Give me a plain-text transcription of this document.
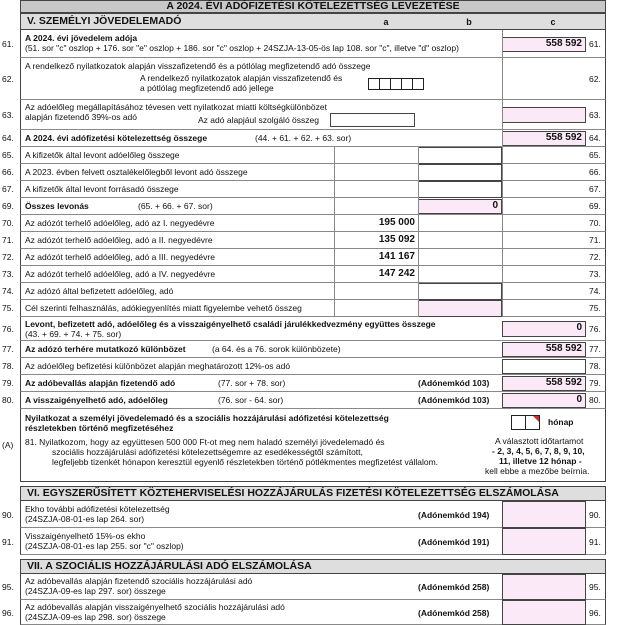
A 2024. ÉVI ADÓFIZETÉSI KÖTELEZETTSÉG LEVEZETÉSE
V. SZEMÉLYI JÖVEDELEMADÓ	a	b	c
61.
A 2024. évi jövedelem adója
(51. sor "c" oszlop + 176. sor "e" oszlop + 186. sor "c" oszlop + 24SZJA-13-05-ös lap 108. sor "c", illetve "d" oszlop)	558 592 61.
62.
A rendelkező nyilatkozatok alapján visszafizetendő és a pótlólag megfizetendő adó összege
A rendelkező nyilatkozatok alapján visszafizetendő és
a pótlólag megfizetendő adó jellege
62.
63.
Az adóelőleg megállapításához tévesen vett nyilatkozat miatti költségkülönbözet
alapján fizetendő 39%-os adó	Az adó alapjául szolgáló összeg	63.
64.	A 2024. évi adófizetési kötelezettség összege	(44. + 61. + 62. + 63. sor)	558 592 64.
65.	A kifizetők által levont adóelőleg összege	65.
66.	A 2023. évben felvett osztalékelőlegből levont adó összege	66.
67.	A kifizetők által levont forrásadó összege	67.
69.	Összes levonás	(65. + 66. + 67. sor)	0	69.
70.	Az adózót terhelő adóelőleg, adó az I. negyedévre	195 000	70.
71.	Az adózót terhelő adóelőleg, adó a II. negyedévre	135 092	71.
72.	Az adózót terhelő adóelőleg, adó a III. negyedévre	141 167	72.
73.	Az adózót terhelő adóelőleg, adó a IV. negyedévre	147 242	73.
74.	Az adózó által befizetett adóelőleg, adó	74.
75.	Cél szerinti felhasználás, adókiegyenlítés miatt figyelembe vehető összeg	75.
76.	Levont, befizetett adó, adóelőleg és a visszaigényelhető családi járulékkedvezmény együttes összege
(43. + 69. + 74. + 75. sor)
0 76.
77.	Az adózó terhére mutatkozó különbözet	(a 64. és a 76. sorok különbözete)	558 592 77.
78.	Az adóelőleg befizetési különbözet alapján meghatározott 12%-os adó	78.
79.	Az adóbevallás alapján fizetendő adó	(77. sor + 78. sor)	(Adónemkód 103)	558 592 79.
80.	A visszaigényelhető adó, adóelőleg	(76. sor - 64. sor)	(Adónemkód 103)	0 80.
(A)
Nyilatkozat a személyi jövedelemadó és a szociális hozzájárulási adófizetési kötelezettség
részletekben történő megfizetéséhez
81. Nyilatkozom, hogy az együttesen 500 000 Ft-ot meg nem haladó személyi jövedelemadó és
szociális hozzájárulási adófizetési kötelezettségemre az esedékességtől számított,
legfeljebb tizenkét hónapon keresztül egyenlő részletekben történő pótlékmentes megfizetést vállalom.
hónap
A választott időtartamot
- 2, 3, 4, 5, 6, 7, 8, 9, 10,
11, illetve 12 hónap -
kell ebbe a mezőbe beírnia.
VI. EGYSZERŰSÍTETT KÖZTEHERVISELÉSI HOZZÁJÁRULÁS FIZETÉSI KÖTELEZETTSÉG ELSZÁMOLÁSA
90.
Ekho további adófizetési kötelezettség
(24SZJA-08-01-es lap 264. sor)	(Adónemkód 194)	90.
91.
Visszaigényelhető 15%-os ekho
(24SZJA-08-01-es lap 255. sor "c" oszlop)	(Adónemkód 191)	91.
VII. A SZOCIÁLIS HOZZÁJÁRULÁSI ADÓ ELSZÁMOLÁSA
95.
Az adóbevallás alapján fizetendő szociális hozzájárulási adó
(24SZJA-09-es lap 297. sor) összege	(Adónemkód 258)	95.
96.
Az adóbevallás alapján visszaigényelhető szociális hozzájárulási adó
(24SZJA-09-es lap 298. sor) összege	(Adónemkód 258)	96.
